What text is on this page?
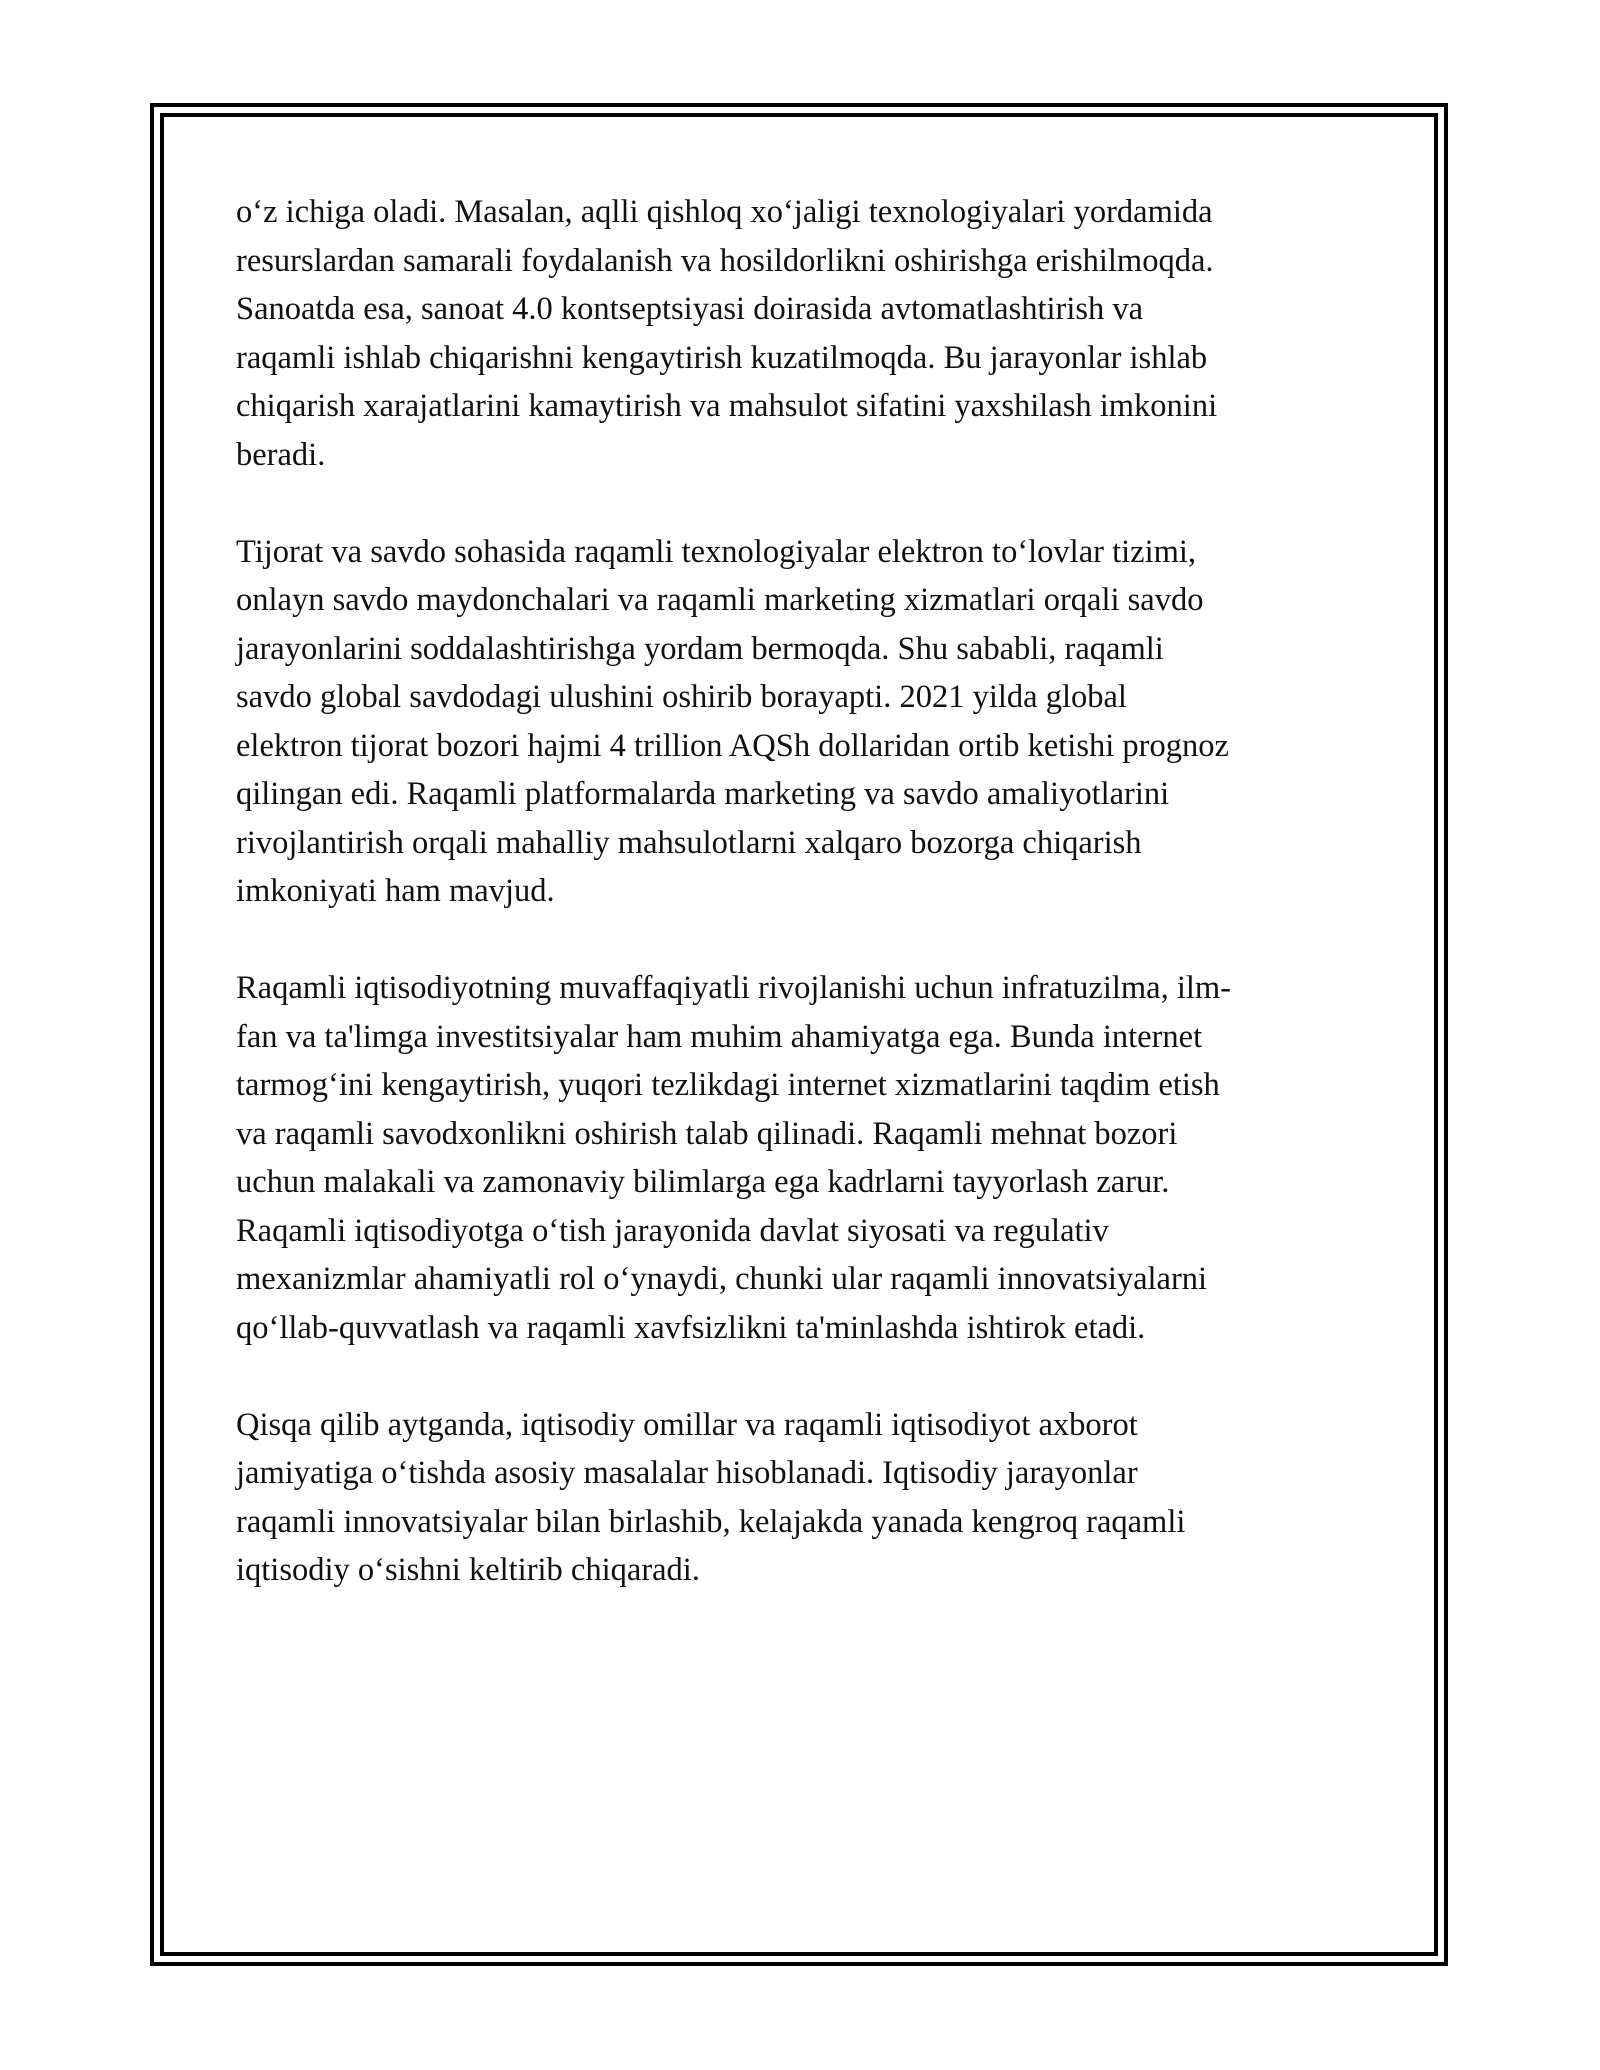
o‘z ichiga oladi. Masalan, aqlli qishloq xo‘jaligi texnologiyalari yordamida
resurslardan samarali foydalanish va hosildorlikni oshirishga erishilmoqda.
Sanoatda esa, sanoat 4.0 kontseptsiyasi doirasida avtomatlashtirish va
raqamli ishlab chiqarishni kengaytirish kuzatilmoqda. Bu jarayonlar ishlab
chiqarish xarajatlarini kamaytirish va mahsulot sifatini yaxshilash imkonini
beradi.

Tijorat va savdo sohasida raqamli texnologiyalar elektron to‘lovlar tizimi,
onlayn savdo maydonchalari va raqamli marketing xizmatlari orqali savdo
jarayonlarini soddalashtirishga yordam bermoqda. Shu sababli, raqamli
savdo global savdodagi ulushini oshirib borayapti. 2021 yilda global
elektron tijorat bozori hajmi 4 trillion AQSh dollaridan ortib ketishi prognoz
qilingan edi. Raqamli platformalarda marketing va savdo amaliyotlarini
rivojlantirish orqali mahalliy mahsulotlarni xalqaro bozorga chiqarish
imkoniyati ham mavjud.

Raqamli iqtisodiyotning muvaffaqiyatli rivojlanishi uchun infratuzilma, ilm-
fan va ta'limga investitsiyalar ham muhim ahamiyatga ega. Bunda internet
tarmog‘ini kengaytirish, yuqori tezlikdagi internet xizmatlarini taqdim etish
va raqamli savodxonlikni oshirish talab qilinadi. Raqamli mehnat bozori
uchun malakali va zamonaviy bilimlarga ega kadrlarni tayyorlash zarur.
Raqamli iqtisodiyotga o‘tish jarayonida davlat siyosati va regulativ
mexanizmlar ahamiyatli rol o‘ynaydi, chunki ular raqamli innovatsiyalarni
qo‘llab-quvvatlash va raqamli xavfsizlikni ta'minlashda ishtirok etadi.

Qisqa qilib aytganda, iqtisodiy omillar va raqamli iqtisodiyot axborot
jamiyatiga o‘tishda asosiy masalalar hisoblanadi. Iqtisodiy jarayonlar
raqamli innovatsiyalar bilan birlashib, kelajakda yanada kengroq raqamli
iqtisodiy o‘sishni keltirib chiqaradi.
